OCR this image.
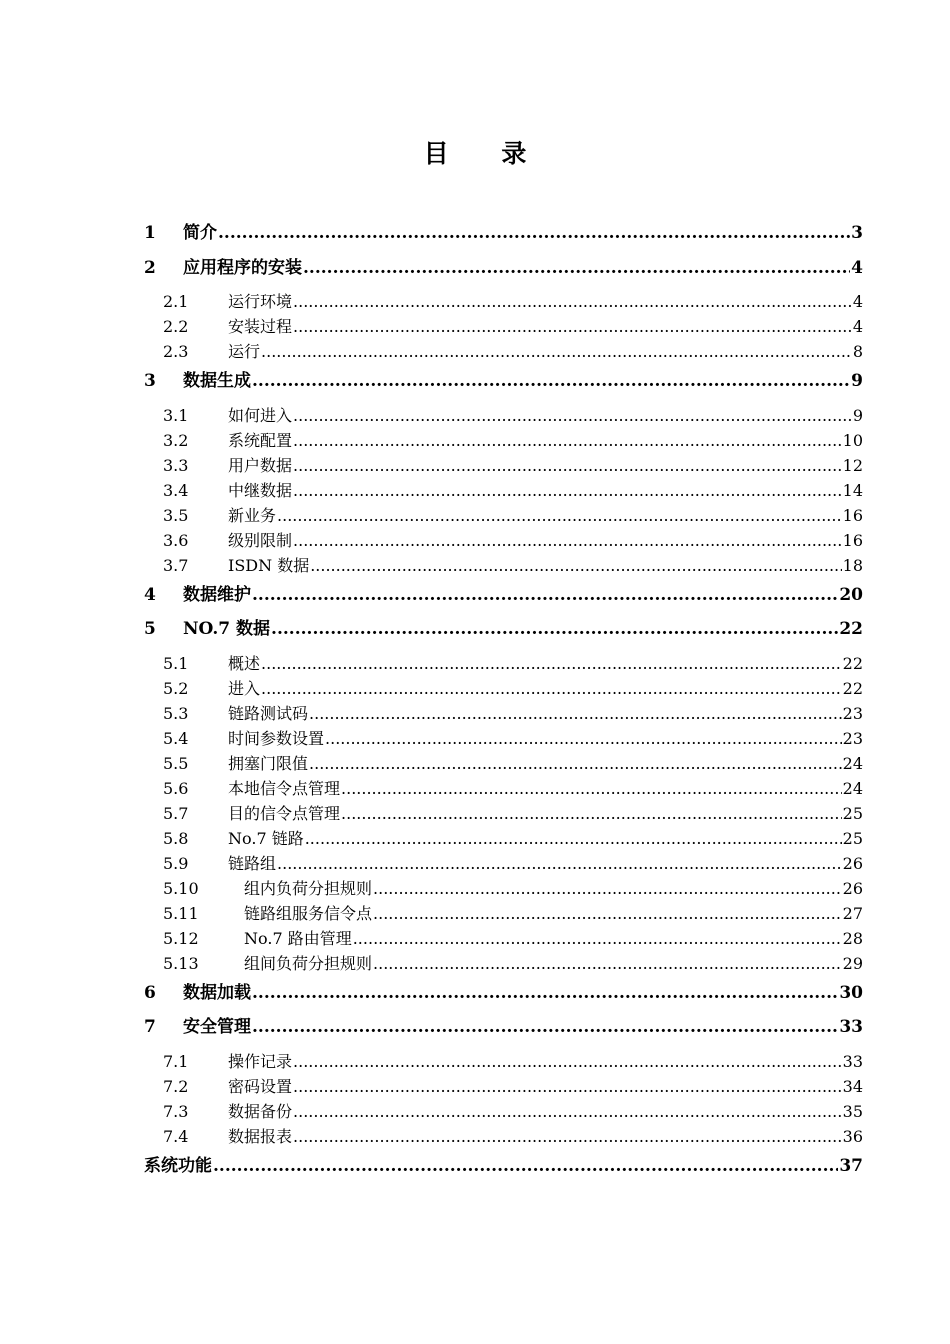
目 录
1	简介 .....	3
2	应用程序的安装 .....	4
2.1	运行环境 .....	4
2.2	安装过程 .....	4
2.3	运行 .....	8
3	数据生成 .....	9
3.1	如何进入 .....	9
3.2	系统配置 .....	10
3.3	用户数据 .....	12
3.4	中继数据 .....	14
3.5	新业务 .....	16
3.6	级别限制 .....	16
3.7	ISDN 数据 .....	18
4	数据维护 .....	20
5	NO.7 数据 .....	22
5.1	概述 .....	22
5.2	进入 .....	22
5.3	链路测试码 .....	23
5.4	时间参数设置 .....	23
5.5	拥塞门限值 .....	24
5.6	本地信令点管理 .....	24
5.7	目的信令点管理 .....	25
5.8	No.7 链路 .....	25
5.9	链路组 .....	26
5.10	组内负荷分担规则 .....	26
5.11	链路组服务信令点 .....	27
5.12	No.7 路由管理 .....	28
5.13	组间负荷分担规则 .....	29
6	数据加载 .....	30
7	安全管理 .....	33
7.1	操作记录 .....	33
7.2	密码设置 .....	34
7.3	数据备份 .....	35
7.4	数据报表 .....	36
系统功能 .....	37
